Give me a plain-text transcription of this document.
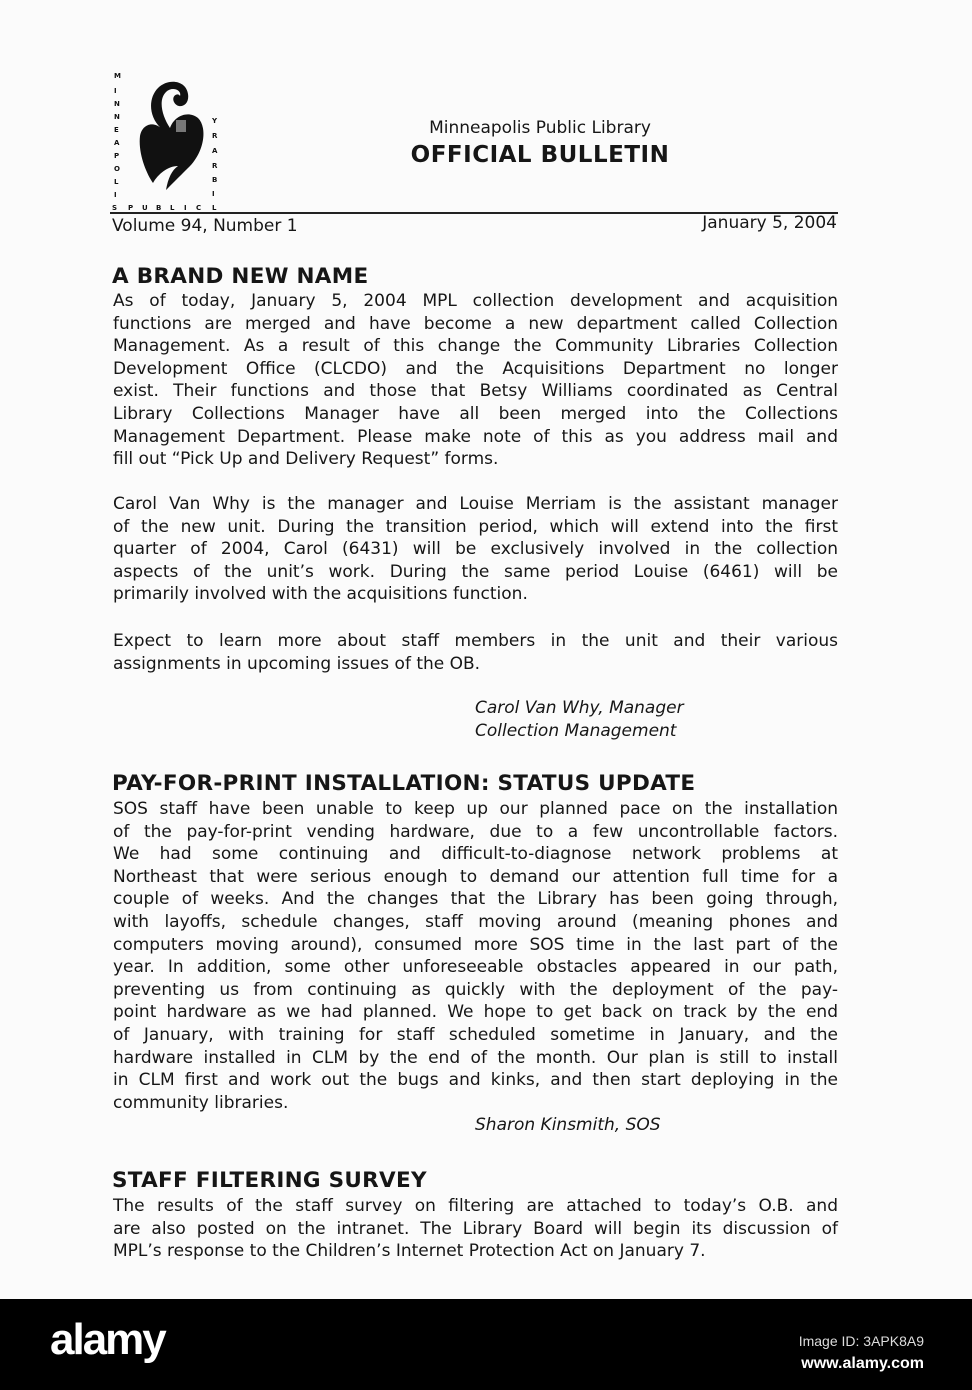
M
I
N
N
E
A
P
O
L
I
S P U B L I C
Y
R
A
R
B
I
L
Minneapolis Public Library
OFFICIAL BULLETIN
Volume 94, Number 1	January 5, 2004
A BRAND NEW NAME
As of today, January 5, 2004 MPL collection development and acquisition
functions are merged and have become a new department called Collection
Management. As a result of this change the Community Libraries Collection
Development Office (CLCDO) and the Acquisitions Department no longer
exist. Their functions and those that Betsy Williams coordinated as Central
Library Collections Manager have all been merged into the Collections
Management Department. Please make note of this as you address mail and
fill out “Pick Up and Delivery Request” forms.
Carol Van Why is the manager and Louise Merriam is the assistant manager
of the new unit. During the transition period, which will extend into the first
quarter of 2004, Carol (6431) will be exclusively involved in the collection
aspects of the unit’s work. During the same period Louise (6461) will be
primarily involved with the acquisitions function.
Expect to learn more about staff members in the unit and their various
assignments in upcoming issues of the OB.
Carol Van Why, Manager
Collection Management
PAY-FOR-PRINT INSTALLATION: STATUS UPDATE
SOS staff have been unable to keep up our planned pace on the installation
of the pay-for-print vending hardware, due to a few uncontrollable factors.
We had some continuing and difficult-to-diagnose network problems at
Northeast that were serious enough to demand our attention full time for a
couple of weeks. And the changes that the Library has been going through,
with layoffs, schedule changes, staff moving around (meaning phones and
computers moving around), consumed more SOS time in the last part of the
year. In addition, some other unforeseeable obstacles appeared in our path,
preventing us from continuing as quickly with the deployment of the pay-
point hardware as we had planned. We hope to get back on track by the end
of January, with training for staff scheduled sometime in January, and the
hardware installed in CLM by the end of the month. Our plan is still to install
in CLM first and work out the bugs and kinks, and then start deploying in the
community libraries.
Sharon Kinsmith, SOS
STAFF FILTERING SURVEY
The results of the staff survey on filtering are attached to today’s O.B. and
are also posted on the intranet. The Library Board will begin its discussion of
MPL’s response to the Children’s Internet Protection Act on January 7.
alamy	Image ID: 3APK8A9
www.alamy.com
